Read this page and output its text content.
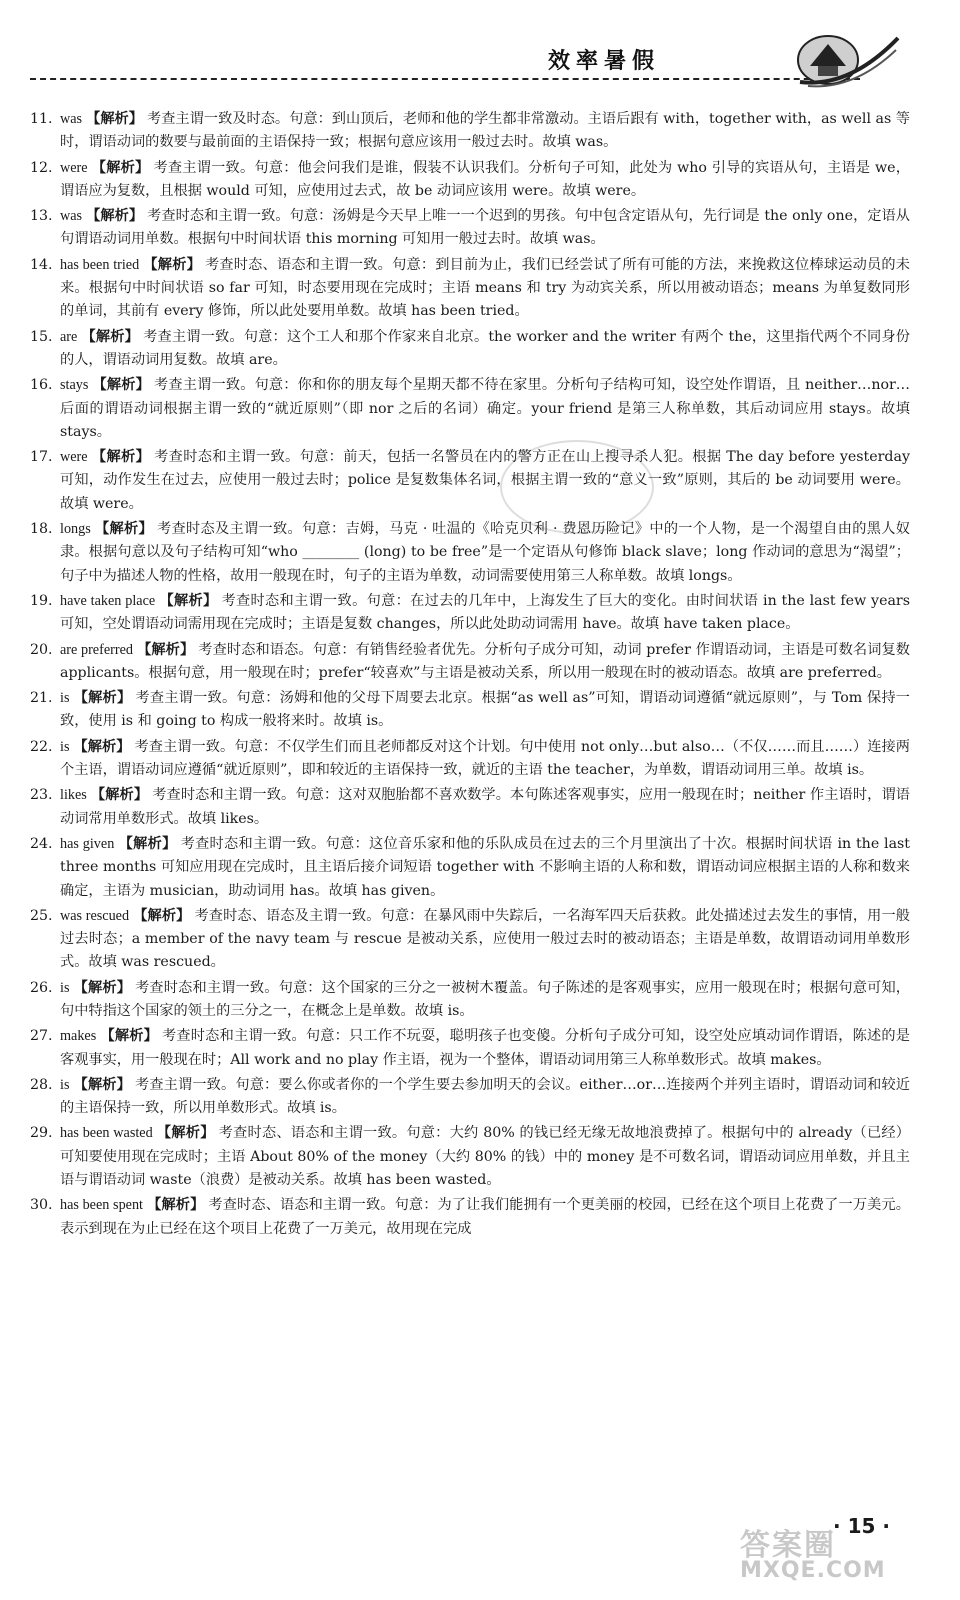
效率暑假
11. was 【解析】 考查主谓一致及时态。句意：到山顶后，老师和他的学生都非常激动。主语后跟有 with，together with，as well as 等时，谓语动词的数要与最前面的主语保持一致；根据句意应该用一般过去时。故填 was。
12. were 【解析】 考查主谓一致。句意：他会问我们是谁，假装不认识我们。分析句子可知，此处为 who 引导的宾语从句，主语是 we，谓语应为复数，且根据 would 可知，应使用过去式，故 be 动词应该用 were。故填 were。
13. was 【解析】 考查时态和主谓一致。句意：汤姆是今天早上唯一一个迟到的男孩。句中包含定语从句，先行词是 the only one，定语从句谓语动词用单数。根据句中时间状语 this morning 可知用一般过去时。故填 was。
14. has been tried 【解析】 考查时态、语态和主谓一致。句意：到目前为止，我们已经尝试了所有可能的方法，来挽救这位棒球运动员的未来。根据句中时间状语 so far 可知，时态要用现在完成时；主语 means 和 try 为动宾关系，所以用被动语态；means 为单复数同形的单词，其前有 every 修饰，所以此处要用单数。故填 has been tried。
15. are 【解析】 考查主谓一致。句意：这个工人和那个作家来自北京。the worker and the writer 有两个 the，这里指代两个不同身份的人，谓语动词用复数。故填 are。
16. stays 【解析】 考查主谓一致。句意：你和你的朋友每个星期天都不待在家里。分析句子结构可知，设空处作谓语，且 neither…nor…后面的谓语动词根据主谓一致的“就近原则”（即 nor 之后的名词）确定。your friend 是第三人称单数，其后动词应用 stays。故填 stays。
17. were 【解析】 考查时态和主谓一致。句意：前天，包括一名警员在内的警方正在山上搜寻杀人犯。根据 The day before yesterday 可知，动作发生在过去，应使用一般过去时；police 是复数集体名词，根据主谓一致的“意义一致”原则，其后的 be 动词要用 were。故填 were。
18. longs 【解析】 考查时态及主谓一致。句意：吉姆，马克 · 吐温的《哈克贝利 · 费恩历险记》中的一个人物，是一个渴望自由的黑人奴隶。根据句意以及句子结构可知“who ________ (long) to be free”是一个定语从句修饰 black slave；long 作动词的意思为“渴望”；句子中为描述人物的性格，故用一般现在时，句子的主语为单数，动词需要使用第三人称单数。故填 longs。
19. have taken place 【解析】 考查时态和主谓一致。句意：在过去的几年中，上海发生了巨大的变化。由时间状语 in the last few years 可知，空处谓语动词需用现在完成时；主语是复数 changes，所以此处助动词需用 have。故填 have taken place。
20. are preferred 【解析】 考查时态和语态。句意：有销售经验者优先。分析句子成分可知，动词 prefer 作谓语动词，主语是可数名词复数 applicants。根据句意，用一般现在时；prefer“较喜欢”与主语是被动关系，所以用一般现在时的被动语态。故填 are preferred。
21. is 【解析】 考查主谓一致。句意：汤姆和他的父母下周要去北京。根据“as well as”可知，谓语动词遵循“就远原则”，与 Tom 保持一致，使用 is 和 going to 构成一般将来时。故填 is。
22. is 【解析】 考查主谓一致。句意：不仅学生们而且老师都反对这个计划。句中使用 not only…but also…（不仅……而且……）连接两个主语，谓语动词应遵循“就近原则”，即和较近的主语保持一致，就近的主语 the teacher，为单数，谓语动词用三单。故填 is。
23. likes 【解析】 考查时态和主谓一致。句意：这对双胞胎都不喜欢数学。本句陈述客观事实，应用一般现在时；neither 作主语时，谓语动词常用单数形式。故填 likes。
24. has given 【解析】 考查时态和主谓一致。句意：这位音乐家和他的乐队成员在过去的三个月里演出了十次。根据时间状语 in the last three months 可知应用现在完成时，且主语后接介词短语 together with 不影响主语的人称和数，谓语动词应根据主语的人称和数来确定，主语为 musician，助动词用 has。故填 has given。
25. was rescued 【解析】 考查时态、语态及主谓一致。句意：在暴风雨中失踪后，一名海军四天后获救。此处描述过去发生的事情，用一般过去时态；a member of the navy team 与 rescue 是被动关系，应使用一般过去时的被动语态；主语是单数，故谓语动词用单数形式。故填 was rescued。
26. is 【解析】 考查时态和主谓一致。句意：这个国家的三分之一被树木覆盖。句子陈述的是客观事实，应用一般现在时；根据句意可知，句中特指这个国家的领土的三分之一，在概念上是单数。故填 is。
27. makes 【解析】 考查时态和主谓一致。句意：只工作不玩耍，聪明孩子也变傻。分析句子成分可知，设空处应填动词作谓语，陈述的是客观事实，用一般现在时；All work and no play 作主语，视为一个整体，谓语动词用第三人称单数形式。故填 makes。
28. is 【解析】 考查主谓一致。句意：要么你或者你的一个学生要去参加明天的会议。either…or…连接两个并列主语时，谓语动词和较近的主语保持一致，所以用单数形式。故填 is。
29. has been wasted 【解析】 考查时态、语态和主谓一致。句意：大约 80% 的钱已经无缘无故地浪费掉了。根据句中的 already（已经）可知要使用现在完成时；主语 About 80% of the money（大约 80% 的钱）中的 money 是不可数名词，谓语动词应用单数，并且主语与谓语动词 waste（浪费）是被动关系。故填 has been wasted。
30. has been spent 【解析】 考查时态、语态和主谓一致。句意：为了让我们能拥有一个更美丽的校园，已经在这个项目上花费了一万美元。表示到现在为止已经在这个项目上花费了一万美元，故用现在完成
· 15 ·
答案圈
MXQE.COM
